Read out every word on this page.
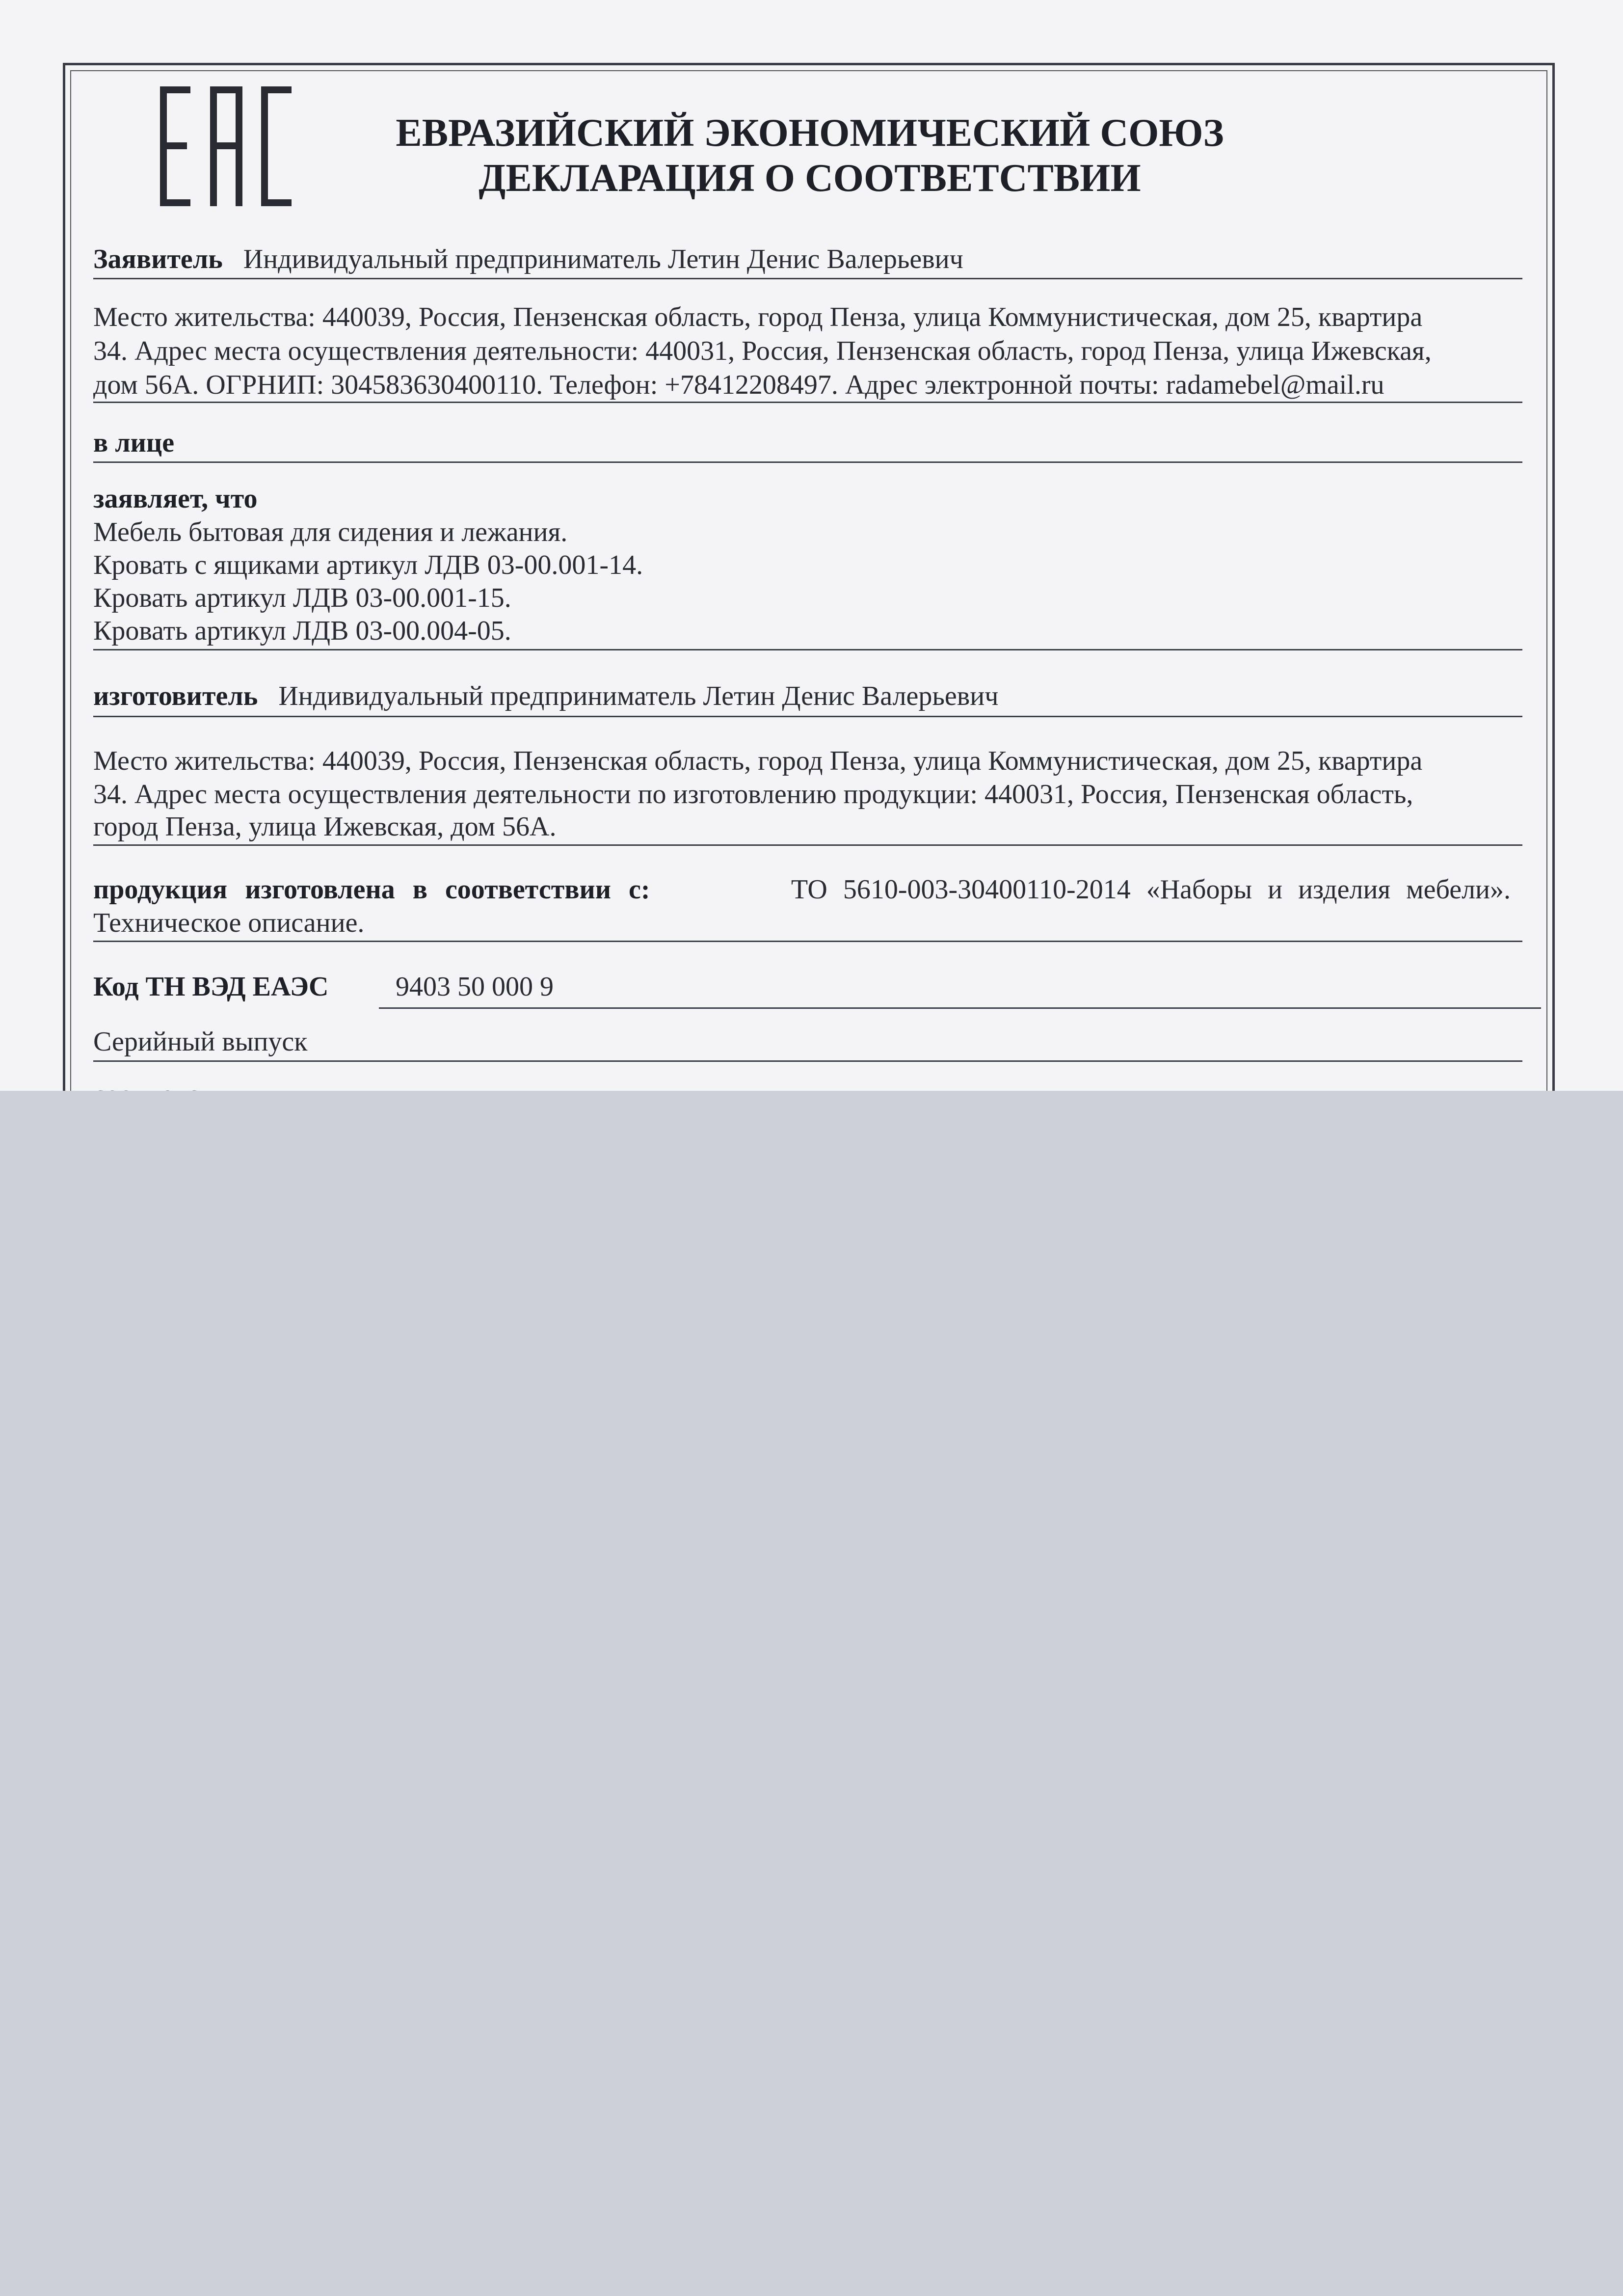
ЕВРАЗИЙСКИЙ ЭКОНОМИЧЕСКИЙ СОЮЗ
ДЕКЛАРАЦИЯ О СООТВЕТСТВИИ
Заявитель Индивидуальный предприниматель Летин Денис Валерьевич
Место жительства: 440039, Россия, Пензенская область, город Пенза, улица Коммунистическая, дом 25, квартира
34. Адрес места осуществления деятельности: 440031, Россия, Пензенская область, город Пенза, улица Ижевская,
дом 56А. ОГРНИП: 304583630400110. Телефон: +78412208497. Адрес электронной почты: radamebel@mail.ru
в лице
заявляет, что
Мебель бытовая для сидения и лежания.
Кровать с ящиками артикул ЛДВ 03-00.001-14.
Кровать артикул ЛДВ 03-00.001-15.
Кровать артикул ЛДВ 03-00.004-05.
изготовитель Индивидуальный предприниматель Летин Денис Валерьевич
Место жительства: 440039, Россия, Пензенская область, город Пенза, улица Коммунистическая, дом 25, квартира
34. Адрес места осуществления деятельности по изготовлению продукции: 440031, Россия, Пензенская область,
город Пенза, улица Ижевская, дом 56А.
продукция изготовлена в соответствии с:	ТО 5610-003-30400110-2014 «Наборы и изделия мебели».
Техническое описание.
Код ТН ВЭД ЕАЭС 9403 50 000 9
Серийный выпуск
